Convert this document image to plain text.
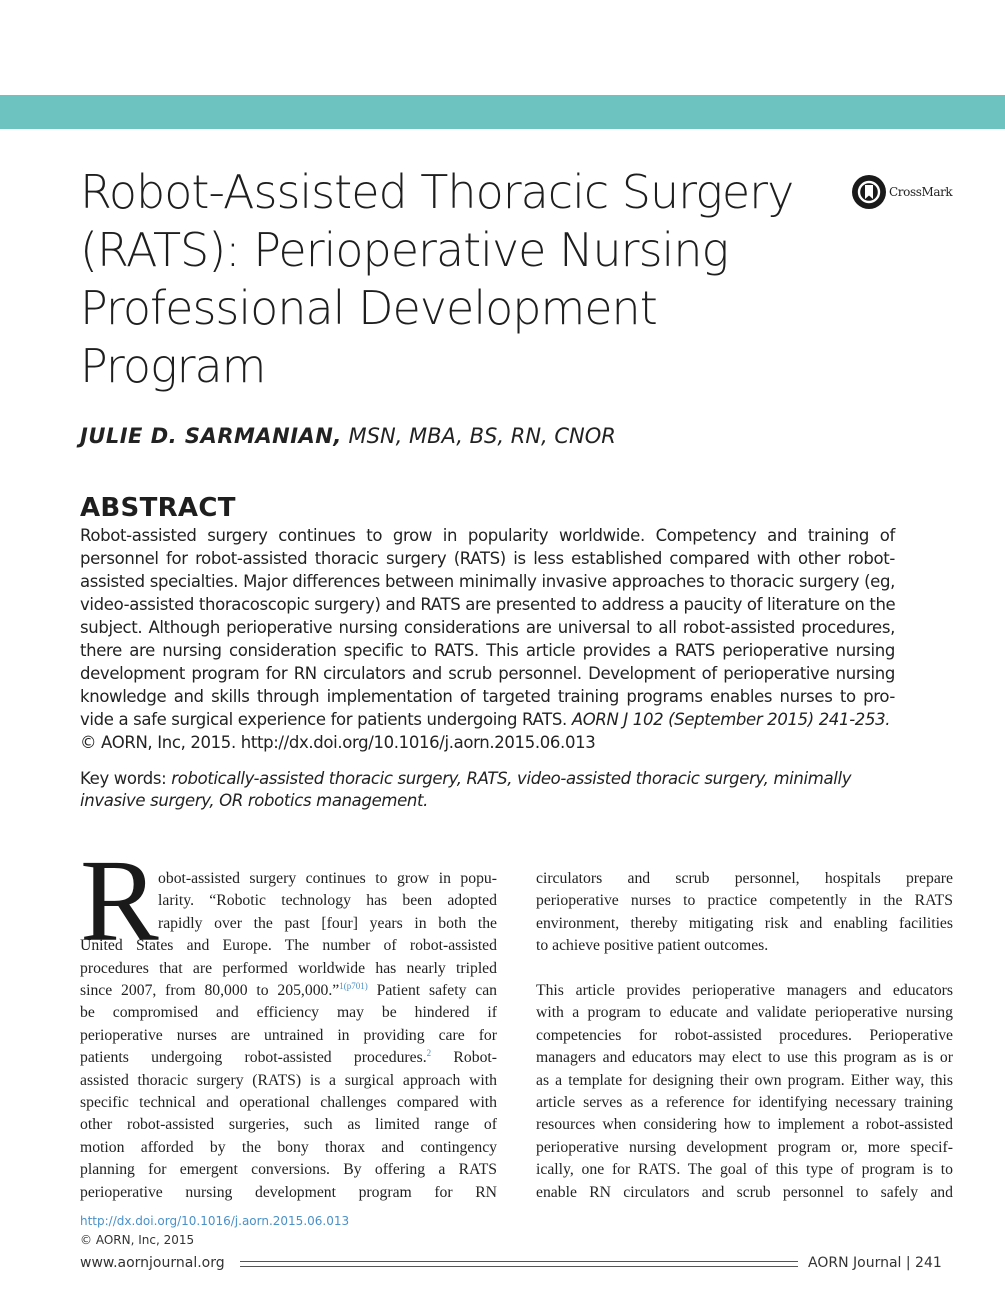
Robot-Assisted Thoracic Surgery
(RATS): Perioperative Nursing
Professional Development
Program
CrossMark
JULIE D. SARMANIAN, MSN, MBA, BS, RN, CNOR
ABSTRACT
Robot-assisted surgery continues to grow in popularity worldwide. Competency and training of
personnel for robot-assisted thoracic surgery (RATS) is less established compared with other robot-
assisted specialties. Major differences between minimally invasive approaches to thoracic surgery (eg,
video-assisted thoracoscopic surgery) and RATS are presented to address a paucity of literature on the
subject. Although perioperative nursing considerations are universal to all robot-assisted procedures,
there are nursing consideration specific to RATS. This article provides a RATS perioperative nursing
development program for RN circulators and scrub personnel. Development of perioperative nursing
knowledge and skills through implementation of targeted training programs enables nurses to pro-
vide a safe surgical experience for patients undergoing RATS. AORN J 102 (September 2015) 241-253.
© AORN, Inc, 2015. http://dx.doi.org/10.1016/j.aorn.2015.06.013
Key words: robotically-assisted thoracic surgery, RATS, video-assisted thoracic surgery, minimally
invasive surgery, OR robotics management.
R obot-assisted surgery continues to grow in popu-
larity. “Robotic technology has been adopted
rapidly over the past [four] years in both the
United States and Europe. The number of robot-assisted
procedures that are performed worldwide has nearly tripled
since 2007, from 80,000 to 205,000.”$^{1(p701)}$ Patient safety can
be compromised and efficiency may be hindered if
perioperative nurses are untrained in providing care for
patients undergoing robot-assisted procedures.$^2$ Robot-
assisted thoracic surgery (RATS) is a surgical approach with
specific technical and operational challenges compared with
other robot-assisted surgeries, such as limited range of
motion afforded by the bony thorax and contingency
planning for emergent conversions. By offering a RATS
perioperative nursing development program for RN
circulators and scrub personnel, hospitals prepare
perioperative nurses to practice competently in the RATS
environment, thereby mitigating risk and enabling facilities
to achieve positive patient outcomes.
This article provides perioperative managers and educators
with a program to educate and validate perioperative nursing
competencies for robot-assisted procedures. Perioperative
managers and educators may elect to use this program as is or
as a template for designing their own program. Either way, this
article serves as a reference for identifying necessary training
resources when considering how to implement a robot-assisted
perioperative nursing development program or, more specif-
ically, one for RATS. The goal of this type of program is to
enable RN circulators and scrub personnel to safely and
http://dx.doi.org/10.1016/j.aorn.2015.06.013
© AORN, Inc, 2015
www.aornjournal.org	AORN Journal | 241
